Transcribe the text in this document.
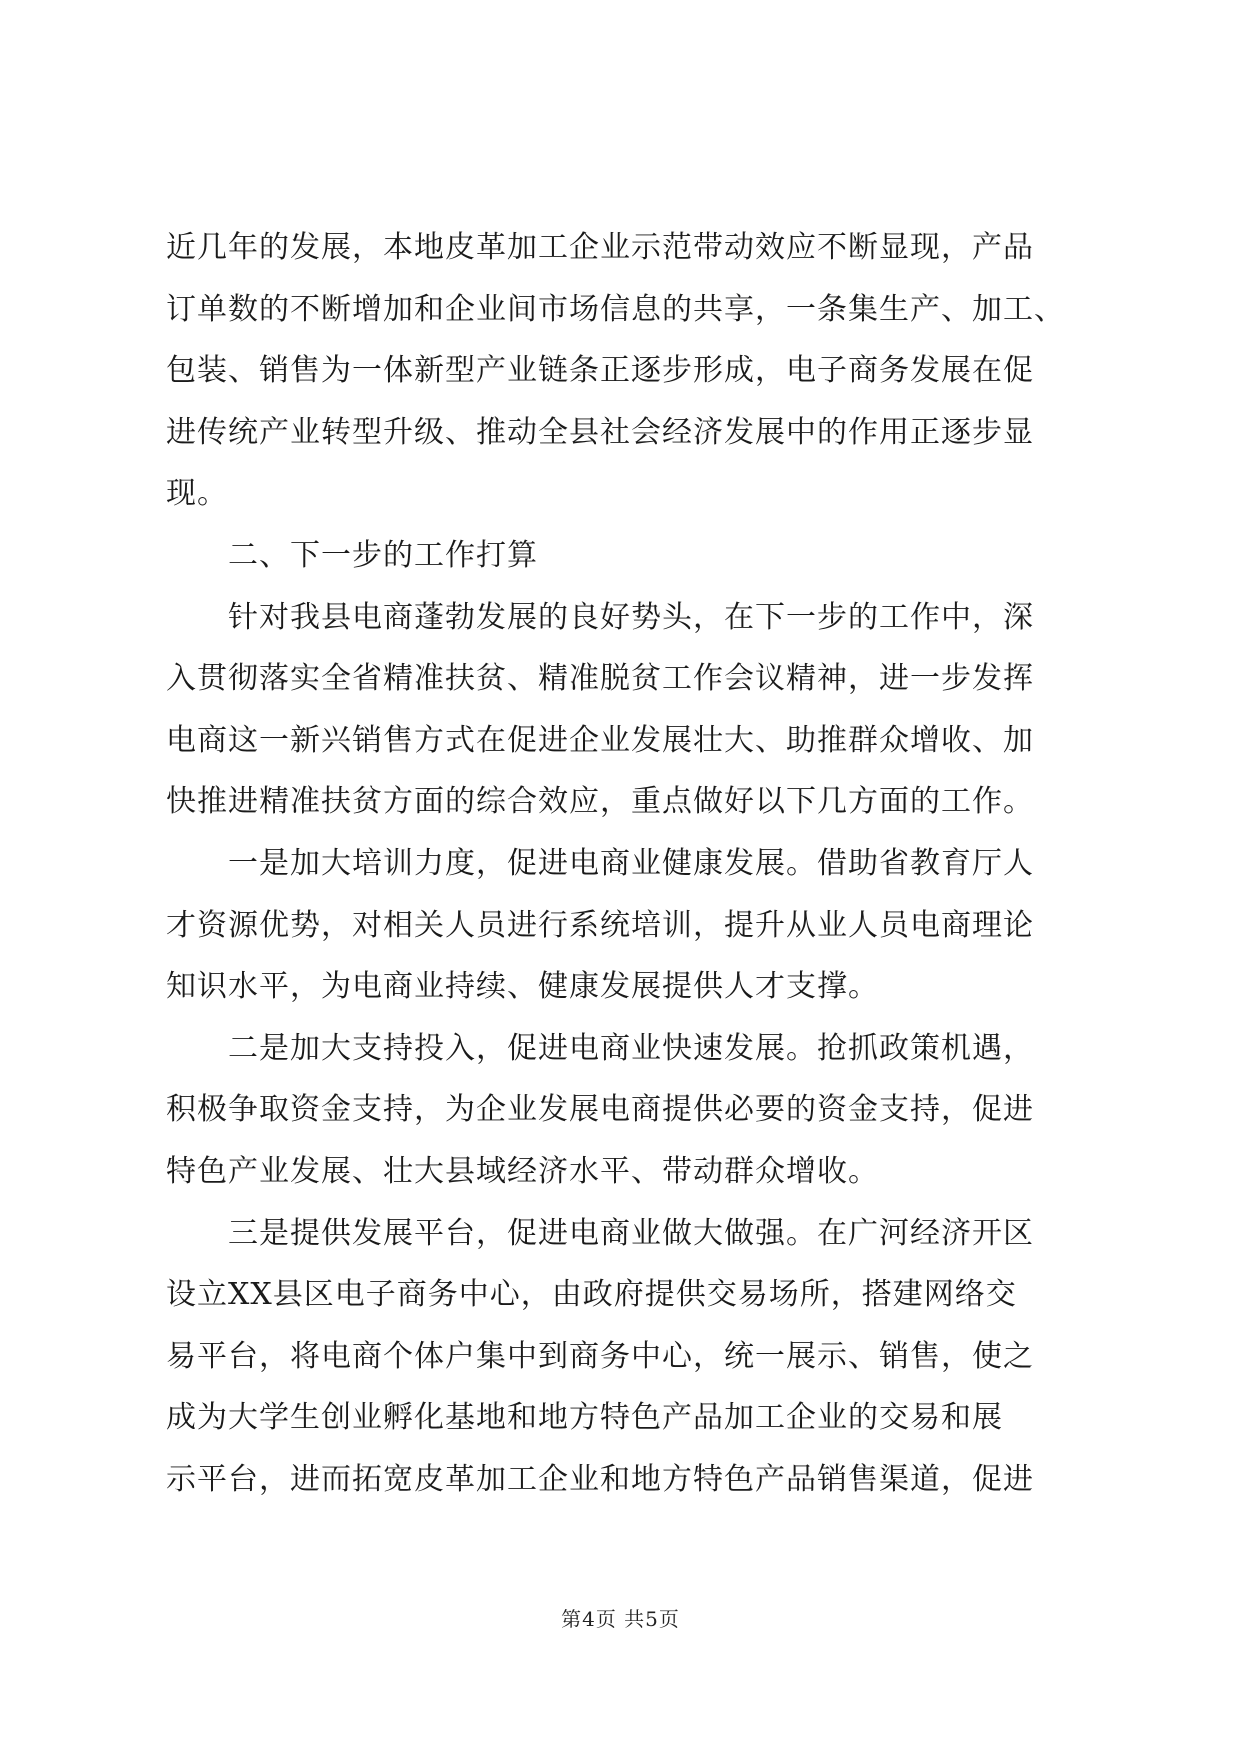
近几年的发展，本地皮革加工企业示范带动效应不断显现，产品
订单数的不断增加和企业间市场信息的共享，一条集生产、加工、
包装、销售为一体新型产业链条正逐步形成，电子商务发展在促
进传统产业转型升级、推动全县社会经济发展中的作用正逐步显
现。
二、下一步的工作打算
针对我县电商蓬勃发展的良好势头，在下一步的工作中，深
入贯彻落实全省精准扶贫、精准脱贫工作会议精神，进一步发挥
电商这一新兴销售方式在促进企业发展壮大、助推群众增收、加
快推进精准扶贫方面的综合效应，重点做好以下几方面的工作。
一是加大培训力度，促进电商业健康发展。借助省教育厅人
才资源优势，对相关人员进行系统培训，提升从业人员电商理论
知识水平，为电商业持续、健康发展提供人才支撑。
二是加大支持投入，促进电商业快速发展。抢抓政策机遇，
积极争取资金支持，为企业发展电商提供必要的资金支持，促进
特色产业发展、壮大县域经济水平、带动群众增收。
三是提供发展平台，促进电商业做大做强。在广河经济开区
设立XX县区电子商务中心，由政府提供交易场所，搭建网络交
易平台，将电商个体户集中到商务中心，统一展示、销售，使之
成为大学生创业孵化基地和地方特色产品加工企业的交易和展
示平台，进而拓宽皮革加工企业和地方特色产品销售渠道，促进
第4页 共5页
